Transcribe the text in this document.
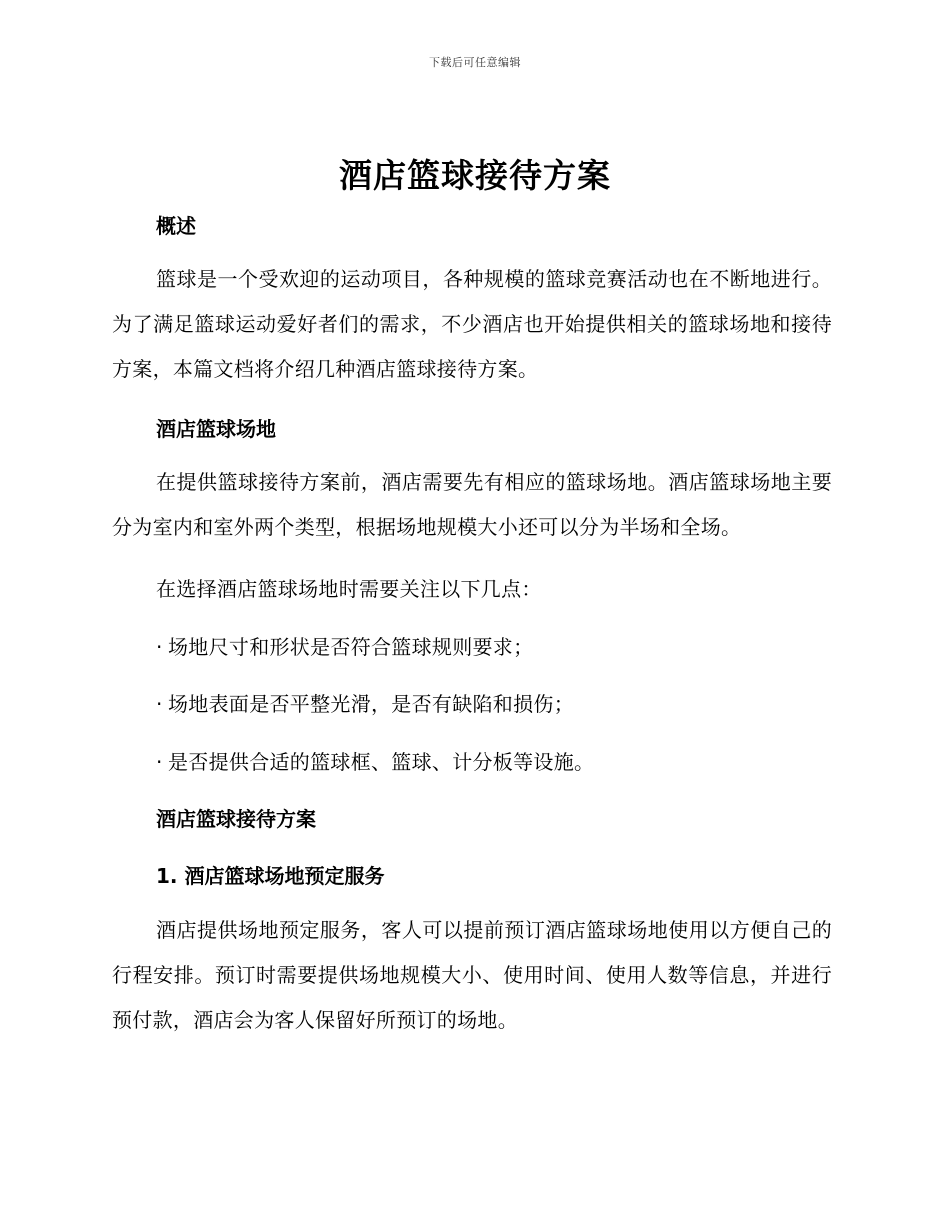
下载后可任意编辑
酒店篮球接待方案
概述
篮球是一个受欢迎的运动项目，各种规模的篮球竞赛活动也在不断地进行。为了满足篮球运动爱好者们的需求，不少酒店也开始提供相关的篮球场地和接待方案，本篇文档将介绍几种酒店篮球接待方案。
酒店篮球场地
在提供篮球接待方案前，酒店需要先有相应的篮球场地。酒店篮球场地主要分为室内和室外两个类型，根据场地规模大小还可以分为半场和全场。
在选择酒店篮球场地时需要关注以下几点：
· 场地尺寸和形状是否符合篮球规则要求；
· 场地表面是否平整光滑，是否有缺陷和损伤；
· 是否提供合适的篮球框、篮球、计分板等设施。
酒店篮球接待方案
1. 酒店篮球场地预定服务
酒店提供场地预定服务，客人可以提前预订酒店篮球场地使用以方便自己的行程安排。预订时需要提供场地规模大小、使用时间、使用人数等信息，并进行预付款，酒店会为客人保留好所预订的场地。
